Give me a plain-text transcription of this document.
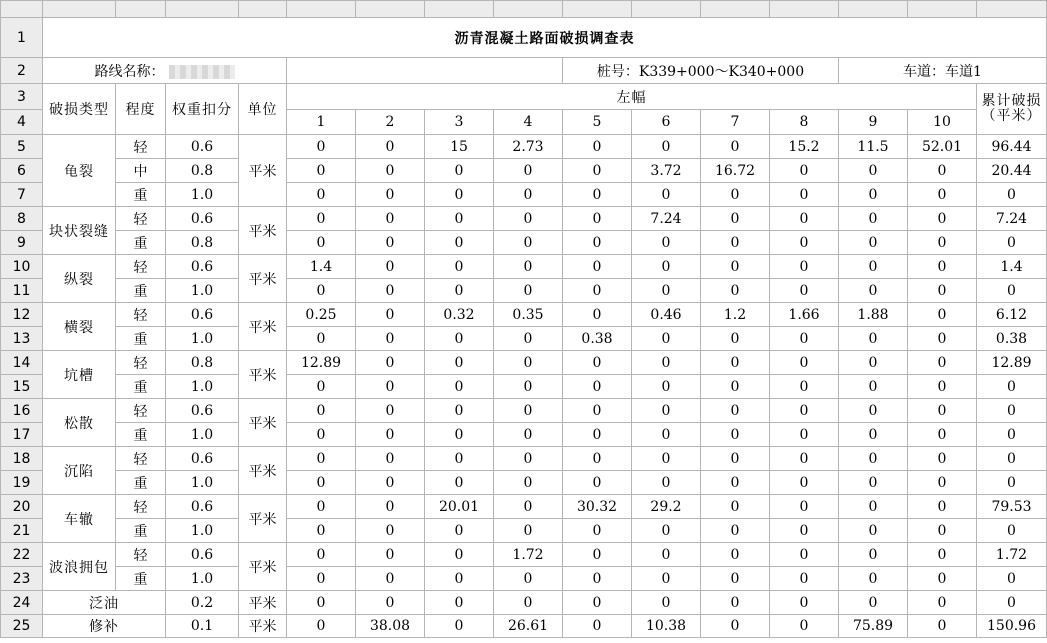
1	沥青混凝土路面破损调查表														
2	路线名称：								桩号：K339+000～K340+000				车道：车道1		
3	破损类型	程度	权重扣分	单位	左幅										累计破损
（平米）

4					1	2	3	4	5	6	7	8	9	10	
5	龟裂	轻	0.6	平米	0	0	15	2.73	0	0	0	15.2	11.5	52.01	96.44
6		中	0.8		0	0	0	0	0	3.72	16.72	0	0	0	20.44
7		重	1.0		0	0	0	0	0	0	0	0	0	0	0
8	块状裂缝	轻	0.6	平米	0	0	0	0	0	7.24	0	0	0	0	7.24
9		重	0.8		0	0	0	0	0	0	0	0	0	0	0
10	纵裂	轻	0.6	平米	1.4	0	0	0	0	0	0	0	0	0	1.4
11		重	1.0		0	0	0	0	0	0	0	0	0	0	0
12	横裂	轻	0.6	平米	0.25	0	0.32	0.35	0	0.46	1.2	1.66	1.88	0	6.12
13		重	1.0		0	0	0	0	0.38	0	0	0	0	0	0.38
14	坑槽	轻	0.8	平米	12.89	0	0	0	0	0	0	0	0	0	12.89
15		重	1.0		0	0	0	0	0	0	0	0	0	0	0
16	松散	轻	0.6	平米	0	0	0	0	0	0	0	0	0	0	0
17		重	1.0		0	0	0	0	0	0	0	0	0	0	0
18	沉陷	轻	0.6	平米	0	0	0	0	0	0	0	0	0	0	0
19		重	1.0		0	0	0	0	0	0	0	0	0	0	0
20	车辙	轻	0.6	平米	0	0	20.01	0	30.32	29.2	0	0	0	0	79.53
21		重	1.0		0	0	0	0	0	0	0	0	0	0	0
22	波浪拥包	轻	0.6	平米	0	0	0	1.72	0	0	0	0	0	0	1.72
23		重	1.0		0	0	0	0	0	0	0	0	0	0	0
24	泛油		0.2	平米	0	0	0	0	0	0	0	0	0	0	0
25	修补		0.1	平米	0	38.08	0	26.61	0	10.38	0	0	75.89	0	150.96
